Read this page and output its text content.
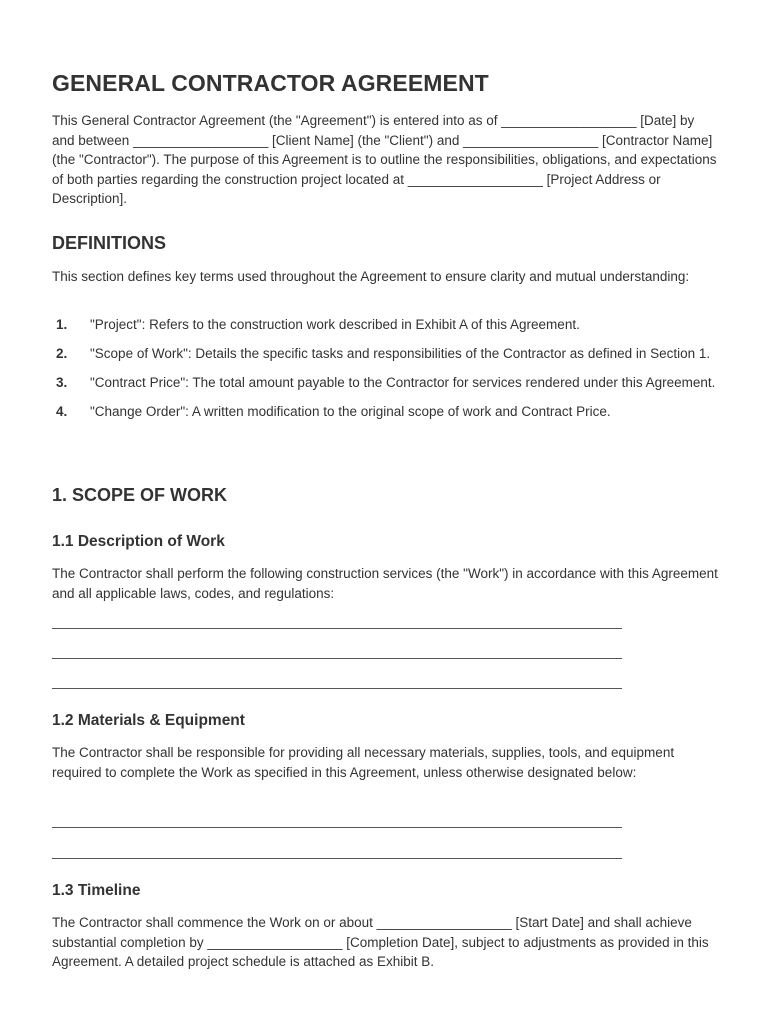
GENERAL CONTRACTOR AGREEMENT

This General Contractor Agreement (the "Agreement") is entered into as of __________________ [Date] by and between __________________ [Client Name] (the "Client") and __________________ [Contractor Name] (the "Contractor"). The purpose of this Agreement is to outline the responsibilities, obligations, and expectations of both parties regarding the construction project located at __________________ [Project Address or Description].

DEFINITIONS

This section defines key terms used throughout the Agreement to ensure clarity and mutual understanding:

1. "Project": Refers to the construction work described in Exhibit A of this Agreement.
2. "Scope of Work": Details the specific tasks and responsibilities of the Contractor as defined in Section 1.
3. "Contract Price": The total amount payable to the Contractor for services rendered under this Agreement.
4. "Change Order": A written modification to the original scope of work and Contract Price.
1. SCOPE OF WORK
1.1 Description of Work

The Contractor shall perform the following construction services (the "Work") in accordance with this Agreement and all applicable laws, codes, and regulations:

1.2 Materials & Equipment

The Contractor shall be responsible for providing all necessary materials, supplies, tools, and equipment required to complete the Work as specified in this Agreement, unless otherwise designated below:

1.3 Timeline

The Contractor shall commence the Work on or about __________________ [Start Date] and shall achieve substantial completion by __________________ [Completion Date], subject to adjustments as provided in this Agreement. A detailed project schedule is attached as Exhibit B.
